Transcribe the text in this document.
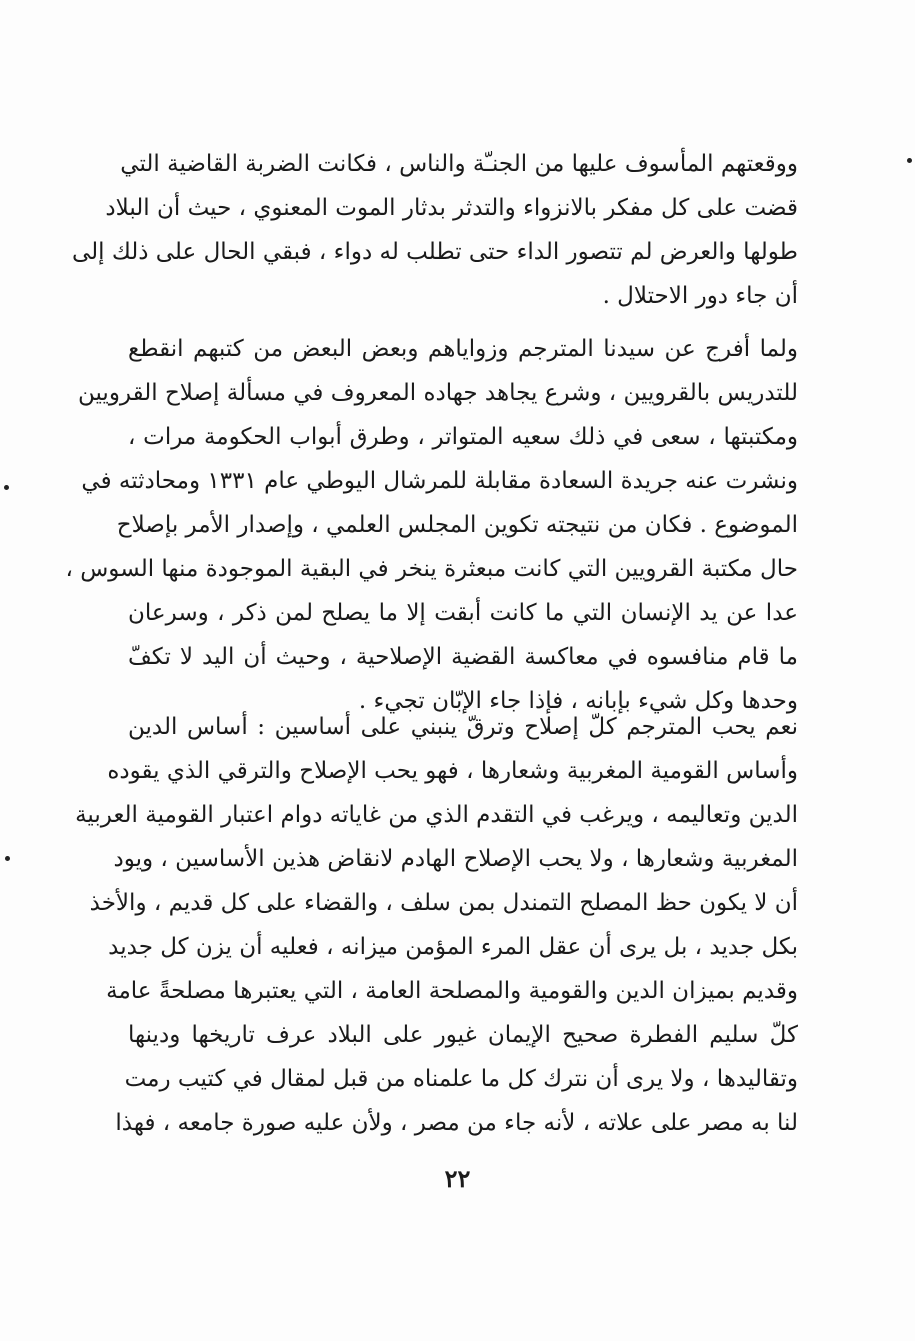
ووقعتهم المأسوف عليها من الجنـّة والناس ، فكانت الضربة القاضية التي
قضت على كل مفكر بالانزواء والتدثر بدثار الموت المعنوي ، حيث أن البلاد
طولها والعرض لم تتصور الداء حتى تطلب له دواء ، فبقي الحال على ذلك إلى
أن جاء دور الاحتلال .
ولما أفرج عن سيدنا المترجم وزواياهم وبعض البعض من كتبهم انقطع
للتدريس بالقرويين ، وشرع يجاهد جهاده المعروف في مسألة إصلاح القرويين
ومكتبتها ، سعى في ذلك سعيه المتواتر ، وطرق أبواب الحكومة مرات ،
ونشرت عنه جريدة السعادة مقابلة للمرشال اليوطي عام ١٣٣١ ومحادثته في
الموضوع . فكان من نتيجته تكوين المجلس العلمي ، وإصدار الأمر بإصلاح
حال مكتبة القرويين التي كانت مبعثرة ينخر في البقية الموجودة منها السوس ،
عدا عن يد الإنسان التي ما كانت أبقت إلا ما يصلح لمن ذكر ، وسرعان
ما قام منافسوه في معاكسة القضية الإصلاحية ، وحيث أن اليد لا تكفّ
وحدها وكل شيء بإبانه ، فإذا جاء الإبّان تجيء .
نعم يحب المترجم كلّ إصلاح وترقّ ينبني على أساسين : أساس الدين
وأساس القومية المغربية وشعارها ، فهو يحب الإصلاح والترقي الذي يقوده
الدين وتعاليمه ، ويرغب في التقدم الذي من غاياته دوام اعتبار القومية العربية
المغربية وشعارها ، ولا يحب الإصلاح الهادم لانقاض هذين الأساسين ، ويود
أن لا يكون حظ المصلح التمندل بمن سلف ، والقضاء على كل قديم ، والأخذ
بكل جديد ، بل يرى أن عقل المرء المؤمن ميزانه ، فعليه أن يزن كل جديد
وقديم بميزان الدين والقومية والمصلحة العامة ، التي يعتبرها مصلحةً عامة
كلّ سليم الفطرة صحيح الإيمان غيور على البلاد عرف تاريخها ودينها
وتقاليدها ، ولا يرى أن نترك كل ما علمناه من قبل لمقال في كتيب رمت
لنا به مصر على علاته ، لأنه جاء من مصر ، ولأن عليه صورة جامعه ، فهذا
٢٢
